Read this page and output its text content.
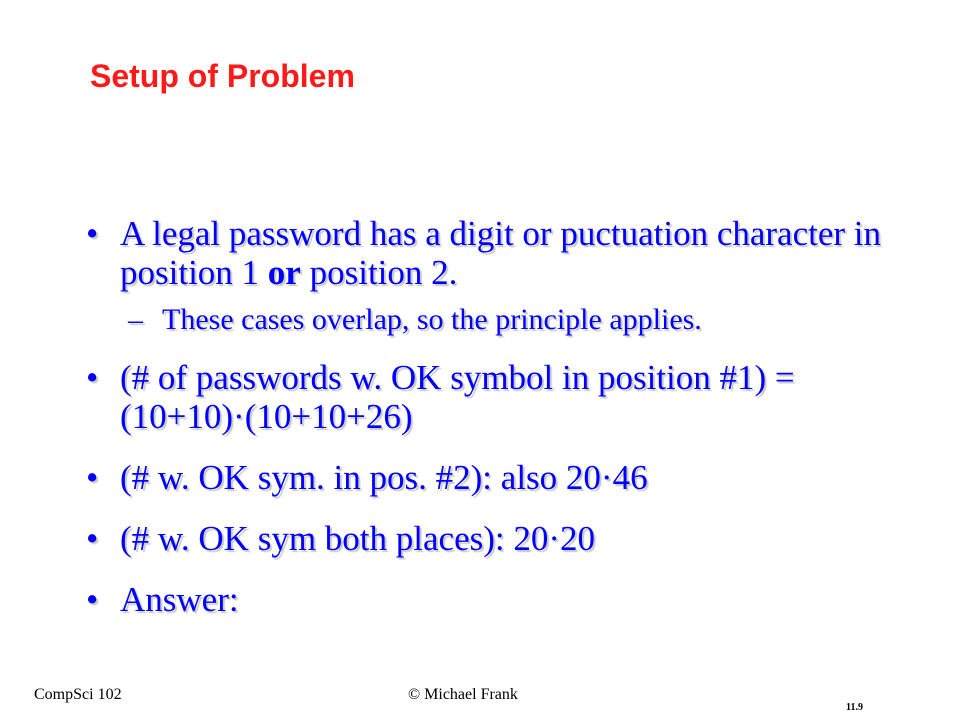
Setup of Problem
• A legal password has a digit or puctuation character in position 1 or position 2.
– These cases overlap, so the principle applies.
• (# of passwords w. OK symbol in position #1) = (10+10)·(10+10+26)
• (# w. OK sym. in pos. #2): also 20·46
• (# w. OK sym both places): 20·20
• Answer:
CompSci 102	© Michael Frank
11.9
